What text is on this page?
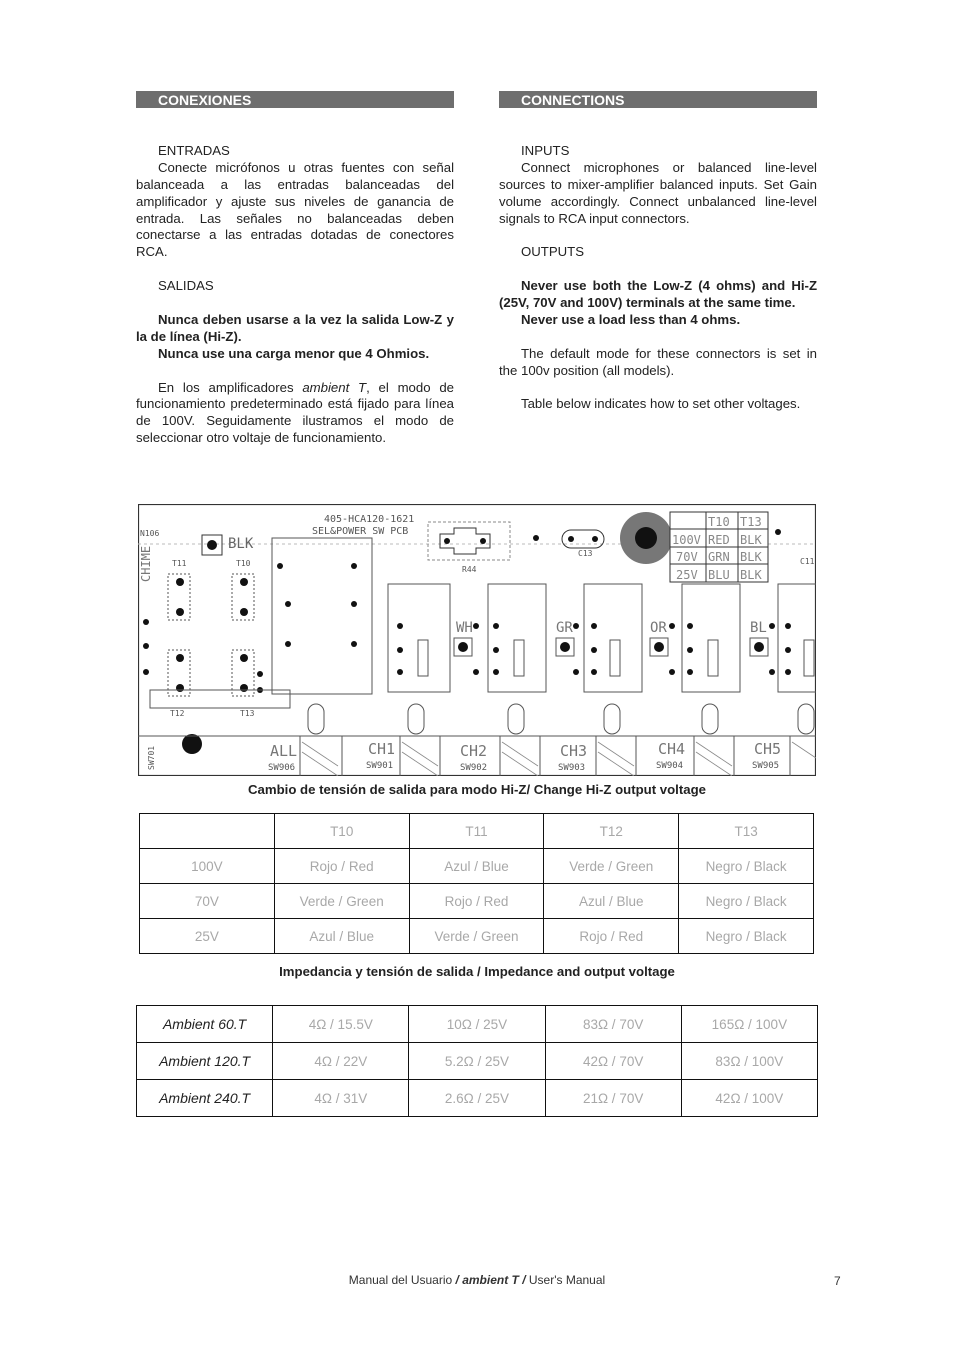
CONEXIONES

ENTRADAS

Conecte micrófonos u otras fuentes con señal balanceada a las entradas balanceadas del amplificador y ajuste sus niveles de ganancia de entrada. Las señales no balanceadas deben conectarse a las entradas dotadas de conectores RCA.

SALIDAS

Nunca deben usarse a la vez la salida Low-Z y la de línea (Hi-Z).

Nunca use una carga menor que 4 Ohmios.

En los amplificadores ambient T, el modo de funcionamiento predeterminado está fijado para línea de 100V. Seguidamente ilustramos el modo de seleccionar otro voltaje de funcionamiento.

CONNECTIONS

INPUTS

Connect microphones or balanced line-level sources to mixer-amplifier balanced inputs. Set Gain volume accordingly. Connect unbalanced line-level signals to RCA input connectors.

OUTPUTS

Never use both the Low-Z (4 ohms) and Hi-Z (25V, 70V and 100V) terminals at the same time.

Never use a load less than 4 ohms.

The default mode for these connectors is set in the 100v position (all models).

Table below indicates how to set other voltages.

405-HCA120-1621
SEL&POWER SW PCB
N106
CHIME
BLK
T11	T10
T12	T13
R44
C13
C11
T10 T13
100V RED BLK
70V GRN BLK
25V BLU BLK
WH	GR	OR	BL
SW701	ALL
SW906
CH1
SW901
CH2
SW902
CH3
SW903
CH4
SW904
CH5
SW905
Cambio de tensión de salida para modo Hi-Z/ Change Hi-Z output voltage
	T10	T11	T12	T13
100V	Rojo / Red	Azul / Blue	Verde / Green	Negro / Black
70V	Verde / Green	Rojo / Red	Azul / Blue	Negro / Black
25V	Azul / Blue	Verde / Green	Rojo / Red	Negro / Black
Impedancia y tensión de salida / Impedance and output voltage
Ambient 60.T	4Ω / 15.5V	10Ω / 25V	83Ω / 70V	165Ω / 100V
Ambient 120.T	4Ω / 22V	5.2Ω / 25V	42Ω / 70V	83Ω / 100V
Ambient 240.T	4Ω / 31V	2.6Ω / 25V	21Ω / 70V	42Ω / 100V
Manual del Usuario / ambient T / User's Manual	7
